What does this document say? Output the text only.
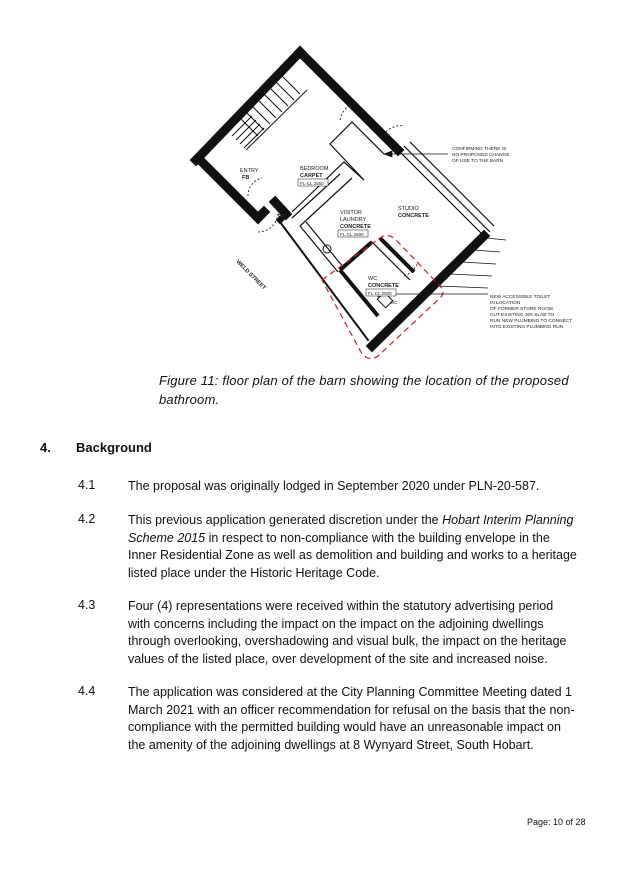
BEDROOM
CARPET
FL-CL 2550
ENTRY
FB
FB
VISITOR
LAUNDRY
CONCRETE
FL-CL 2500
STUDIO
CONCRETE
WC
CONCRETE
FL-CL 2500
WC
WELD STREET
CONFIRMING THERE IS
NO PROPOSED CHANGE
OF USE TO THE BARN
NEW ACCESSIBLE TOILET
IN LOCATION
OF FORMER STORE ROOM
CUT EXISTING 300 SLAB TO
RUN NEW PLUMBING TO CONNECT
INTO EXISTING PLUMBING RUN
Figure 11: floor plan of the barn showing the location of the proposed bathroom.
4. Background
4.1	The proposal was originally lodged in September 2020 under PLN-20-587.
4.2	This previous application generated discretion under the Hobart Interim Planning Scheme 2015 in respect to non-compliance with the building envelope in the Inner Residential Zone as well as demolition and building and works to a heritage listed place under the Historic Heritage Code.
4.3	Four (4) representations were received within the statutory advertising period with concerns including the impact on the impact on the adjoining dwellings through overlooking, overshadowing and visual bulk, the impact on the heritage values of the listed place, over development of the site and increased noise.
4.4	The application was considered at the City Planning Committee Meeting dated 1 March 2021 with an officer recommendation for refusal on the basis that the non-compliance with the permitted building would have an unreasonable impact on the amenity of the adjoining dwellings at 8 Wynyard Street, South Hobart.
Page: 10 of 28
